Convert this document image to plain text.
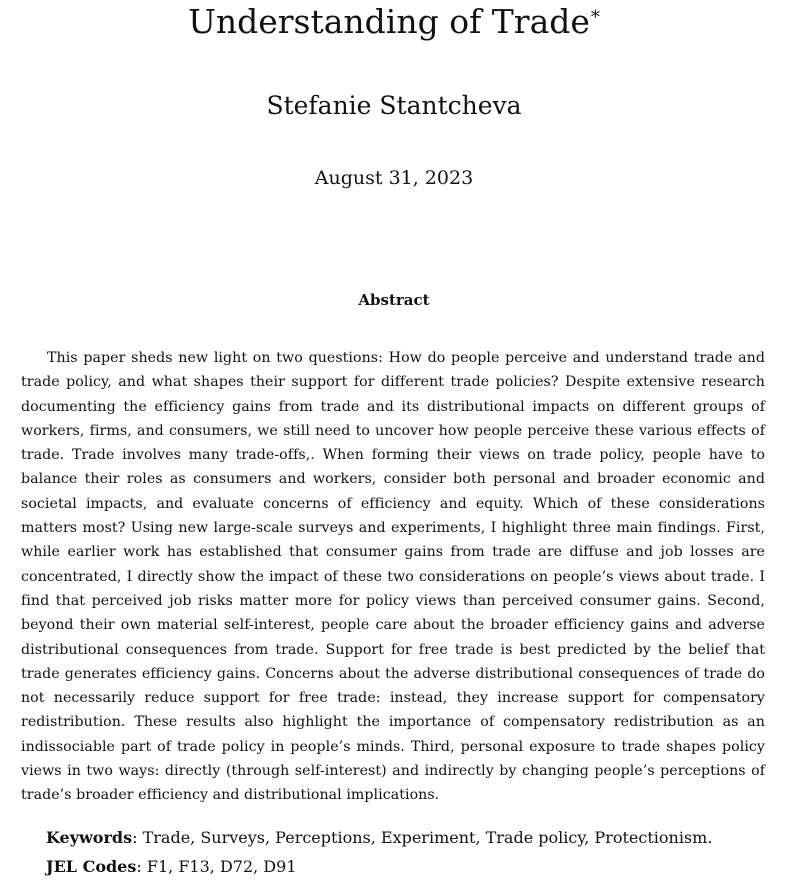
Understanding of Trade*
Stefanie Stantcheva
August 31, 2023
Abstract

This paper sheds new light on two questions: How do people perceive and understand trade and trade policy, and what shapes their support for different trade policies? Despite extensive research documenting the efficiency gains from trade and its distributional impacts on different groups of workers, firms, and consumers, we still need to uncover how people perceive these various effects of trade. Trade involves many trade-offs,. When forming their views on trade policy, people have to balance their roles as consumers and workers, consider both personal and broader economic and societal impacts, and evaluate concerns of efficiency and equity. Which of these considerations matters most? Using new large-scale surveys and experiments, I highlight three main findings. First, while earlier work has established that consumer gains from trade are diffuse and job losses are concentrated, I directly show the impact of these two considerations on people’s views about trade. I find that perceived job risks matter more for policy views than perceived consumer gains. Second, beyond their own material self-interest, people care about the broader efficiency gains and adverse distributional consequences from trade. Support for free trade is best predicted by the belief that trade generates efficiency gains. Concerns about the adverse distributional consequences of trade do not necessarily reduce support for free trade: instead, they increase support for compensatory redistribution. These results also highlight the importance of compensatory redistribution as an indissociable part of trade policy in people’s minds. Third, personal exposure to trade shapes policy views in two ways: directly (through self-interest) and indirectly by changing people’s perceptions of trade’s broader efficiency and distributional implications.

Keywords: Trade, Surveys, Perceptions, Experiment, Trade policy, Protectionism.
JEL Codes: F1, F13, D72, D91
